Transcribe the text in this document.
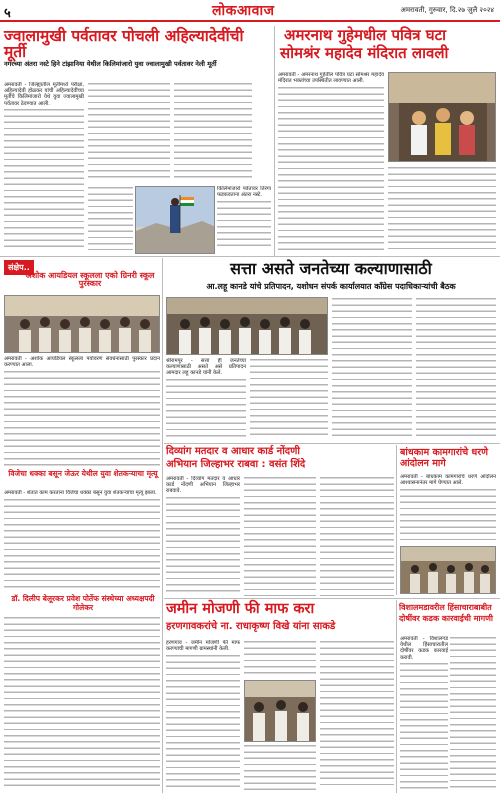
५	लोकआवाज	अमरावती, गुरुवार, दि.२७ जुलै २०२४
ज्वालामुखी पर्वतावर पोचली अहिल्यादेवींची मूर्ती
नगरच्या अंतरा नस्टे हिने टांझानिया येथील किलिमांजारो युवा ज्वालामुखी पर्वतावर नेली मूर्ती

अमरावती - जिल्ह्यातील मूर्तीमध्ये परीक्षा, अहिल्यादेवी होळकर यांची अहिल्यादेवींच्या मूर्तीचे किलिमांजारो येथे युवा ज्वालामुखी पर्वतावर ठेवण्यात आली.

किलिमांजारो पर्वतावर तिरंगा फडकवताना अंतरा नस्टे.

अमरनाथ गुहेमधील पवित्र घटा
सोमश्रंर महादेव मंदिरात लावली

अमरावती - अमरनाथ गुहेतील पवित्र घटा सोमश्रंर महादेव मंदिरात भक्तांच्या उपस्थितीत लावण्यात आली.

संक्षेप..
अशोक आयडियल स्कूलला एको ग्रिनरी स्कूल पुरस्कार

अमरावती - अशोक आयडियल स्कूलला पर्यावरण संवर्धनासाठी पुरस्कार प्रदान करण्यात आला.

विजेचा धक्का बसून जेऊर येथील युवा शेतकऱ्याचा मृत्यू

अमरावती - शेतात काम करताना विजेचा धक्का बसून युवा शेतकऱ्याचा मृत्यू झाला.

डॉ. दिलीप बेलूरकर प्रवेश पोर्तेफ संस्थेच्या अध्यक्षपदी गोलेकर
सत्ता असते जनतेच्या कल्याणासाठी
आ.लहू कानडे यांचे प्रतिपादन, यशोधन संपर्क कार्यालयात कॉंग्रेस पदाधिकाऱ्यांची बैठक

श्रीरामपूर - सत्ता ही जनतेच्या कल्याणासाठी असते असे प्रतिपादन आमदार लहू कानडे यांनी केले.

दिव्यांग मतदार व आधार कार्ड नोंदणी
अभियान जिल्हाभर राबवा : वसंत शिंदे

अमरावती - दिव्यांग मतदार व आधार कार्ड नोंदणी अभियान जिल्हाभर राबवावे.

बांधकाम कामगारांचे धरणे आंदोलन मागे

अमरावती - बांधकाम कामगारांचे धरणे आंदोलन आश्वासनानंतर मागे घेण्यात आले.

जमीन मोजणी फी माफ करा
हरणगावकरांचे ना. राधाकृष्ण विखे यांना साकडे

हरणगाव - जमीन मोजणी फी माफ करण्याची मागणी ग्रामस्थांनी केली.

विशालमडावरील हिंसाचाराबाबीत
दोषींवर कडक कारवाईची मागणी

अमरावती - विशालगड येथील हिंसाचारातील दोषींवर कडक कारवाई करावी.
